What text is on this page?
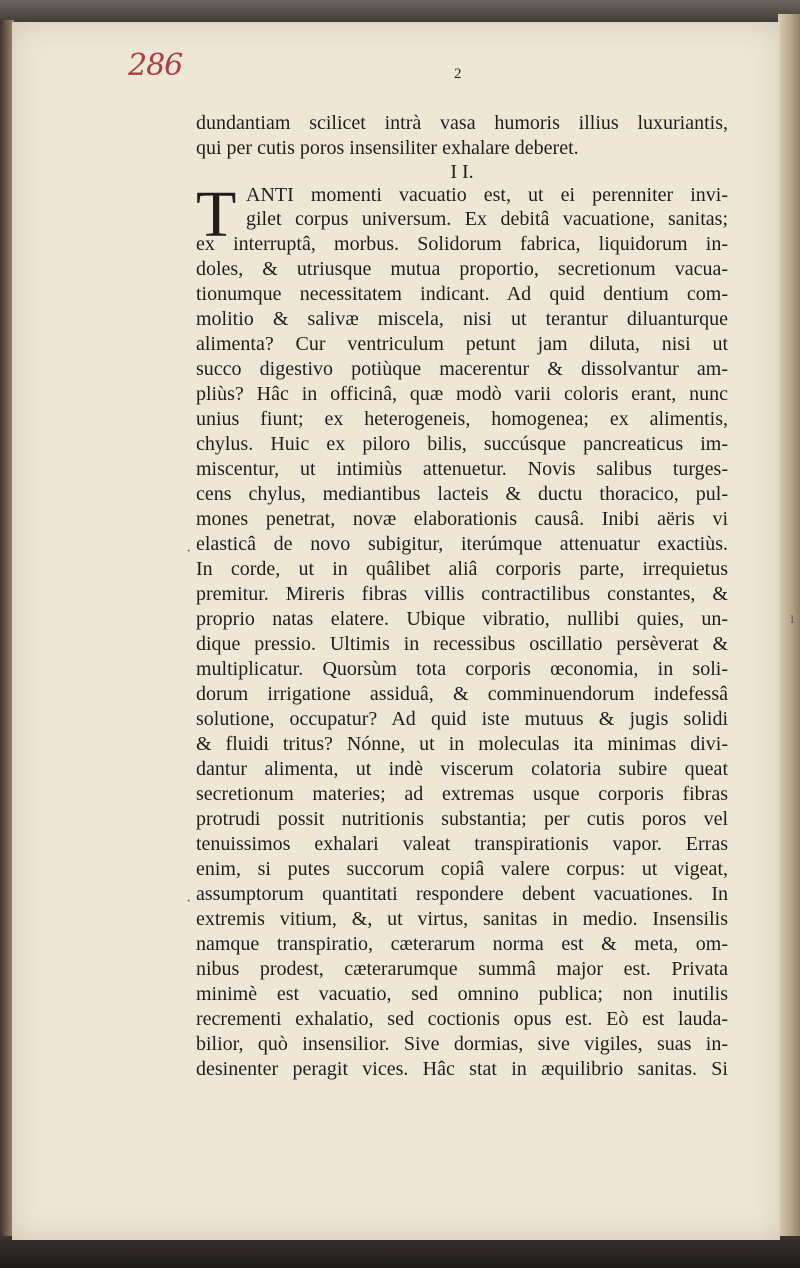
286	2
dundantiam scilicet intrà vasa humoris illius luxuriantis,
qui per cutis poros insensiliter exhalare deberet.
I I.
T ANTI momenti vacuatio est, ut ei perenniter invi-
gilet corpus universum. Ex debitâ vacuatione, sanitas;
ex interruptâ, morbus. Solidorum fabrica, liquidorum in-
doles, & utriusque mutua proportio, secretionum vacua-
tionumque necessitatem indicant. Ad quid dentium com-
molitio & salivæ miscela, nisi ut terantur diluanturque
alimenta? Cur ventriculum petunt jam diluta, nisi ut
succo digestivo potiùque macerentur & dissolvantur am-
pliùs? Hâc in officinâ, quæ modò varii coloris erant, nunc
unius fiunt; ex heterogeneis, homogenea; ex alimentis,
chylus. Huic ex piloro bilis, succúsque pancreaticus im-
miscentur, ut intimiùs attenuetur. Novis salibus turges-
cens chylus, mediantibus lacteis & ductu thoracico, pul-
mones penetrat, novæ elaborationis causâ. Inibi aëris vi
elasticâ de novo subigitur, iterúmque attenuatur exactiùs.
In corde, ut in quâlibet aliâ corporis parte, irrequietus
premitur. Mireris fibras villis contractilibus constantes, &
proprio natas elatere. Ubique vibratio, nullibi quies, un-
dique pressio. Ultimis in recessibus oscillatio persèverat &
multiplicatur. Quorsùm tota corporis œconomia, in soli-
dorum irrigatione assiduâ, & comminuendorum indefessâ
solutione, occupatur? Ad quid iste mutuus & jugis solidi
& fluidi tritus? Nónne, ut in moleculas ita minimas divi-
dantur alimenta, ut indè viscerum colatoria subire queat
secretionum materies; ad extremas usque corporis fibras
protrudi possit nutritionis substantia; per cutis poros vel
tenuissimos exhalari valeat transpirationis vapor. Erras
enim, si putes succorum copiâ valere corpus: ut vigeat,
assumptorum quantitati respondere debent vacuationes. In
extremis vitium, &, ut virtus, sanitas in medio. Insensilis
namque transpiratio, cæterarum norma est & meta, om-
nibus prodest, cæterarumque summâ major est. Privata
minimè est vacuatio, sed omnino publica; non inutilis
recrementi exhalatio, sed coctionis opus est. Eò est lauda-
bilior, quò insensilior. Sive dormias, sive vigiles, suas in-
desinenter peragit vices. Hâc stat in æquilibrio sanitas. Si
·
·
ı
